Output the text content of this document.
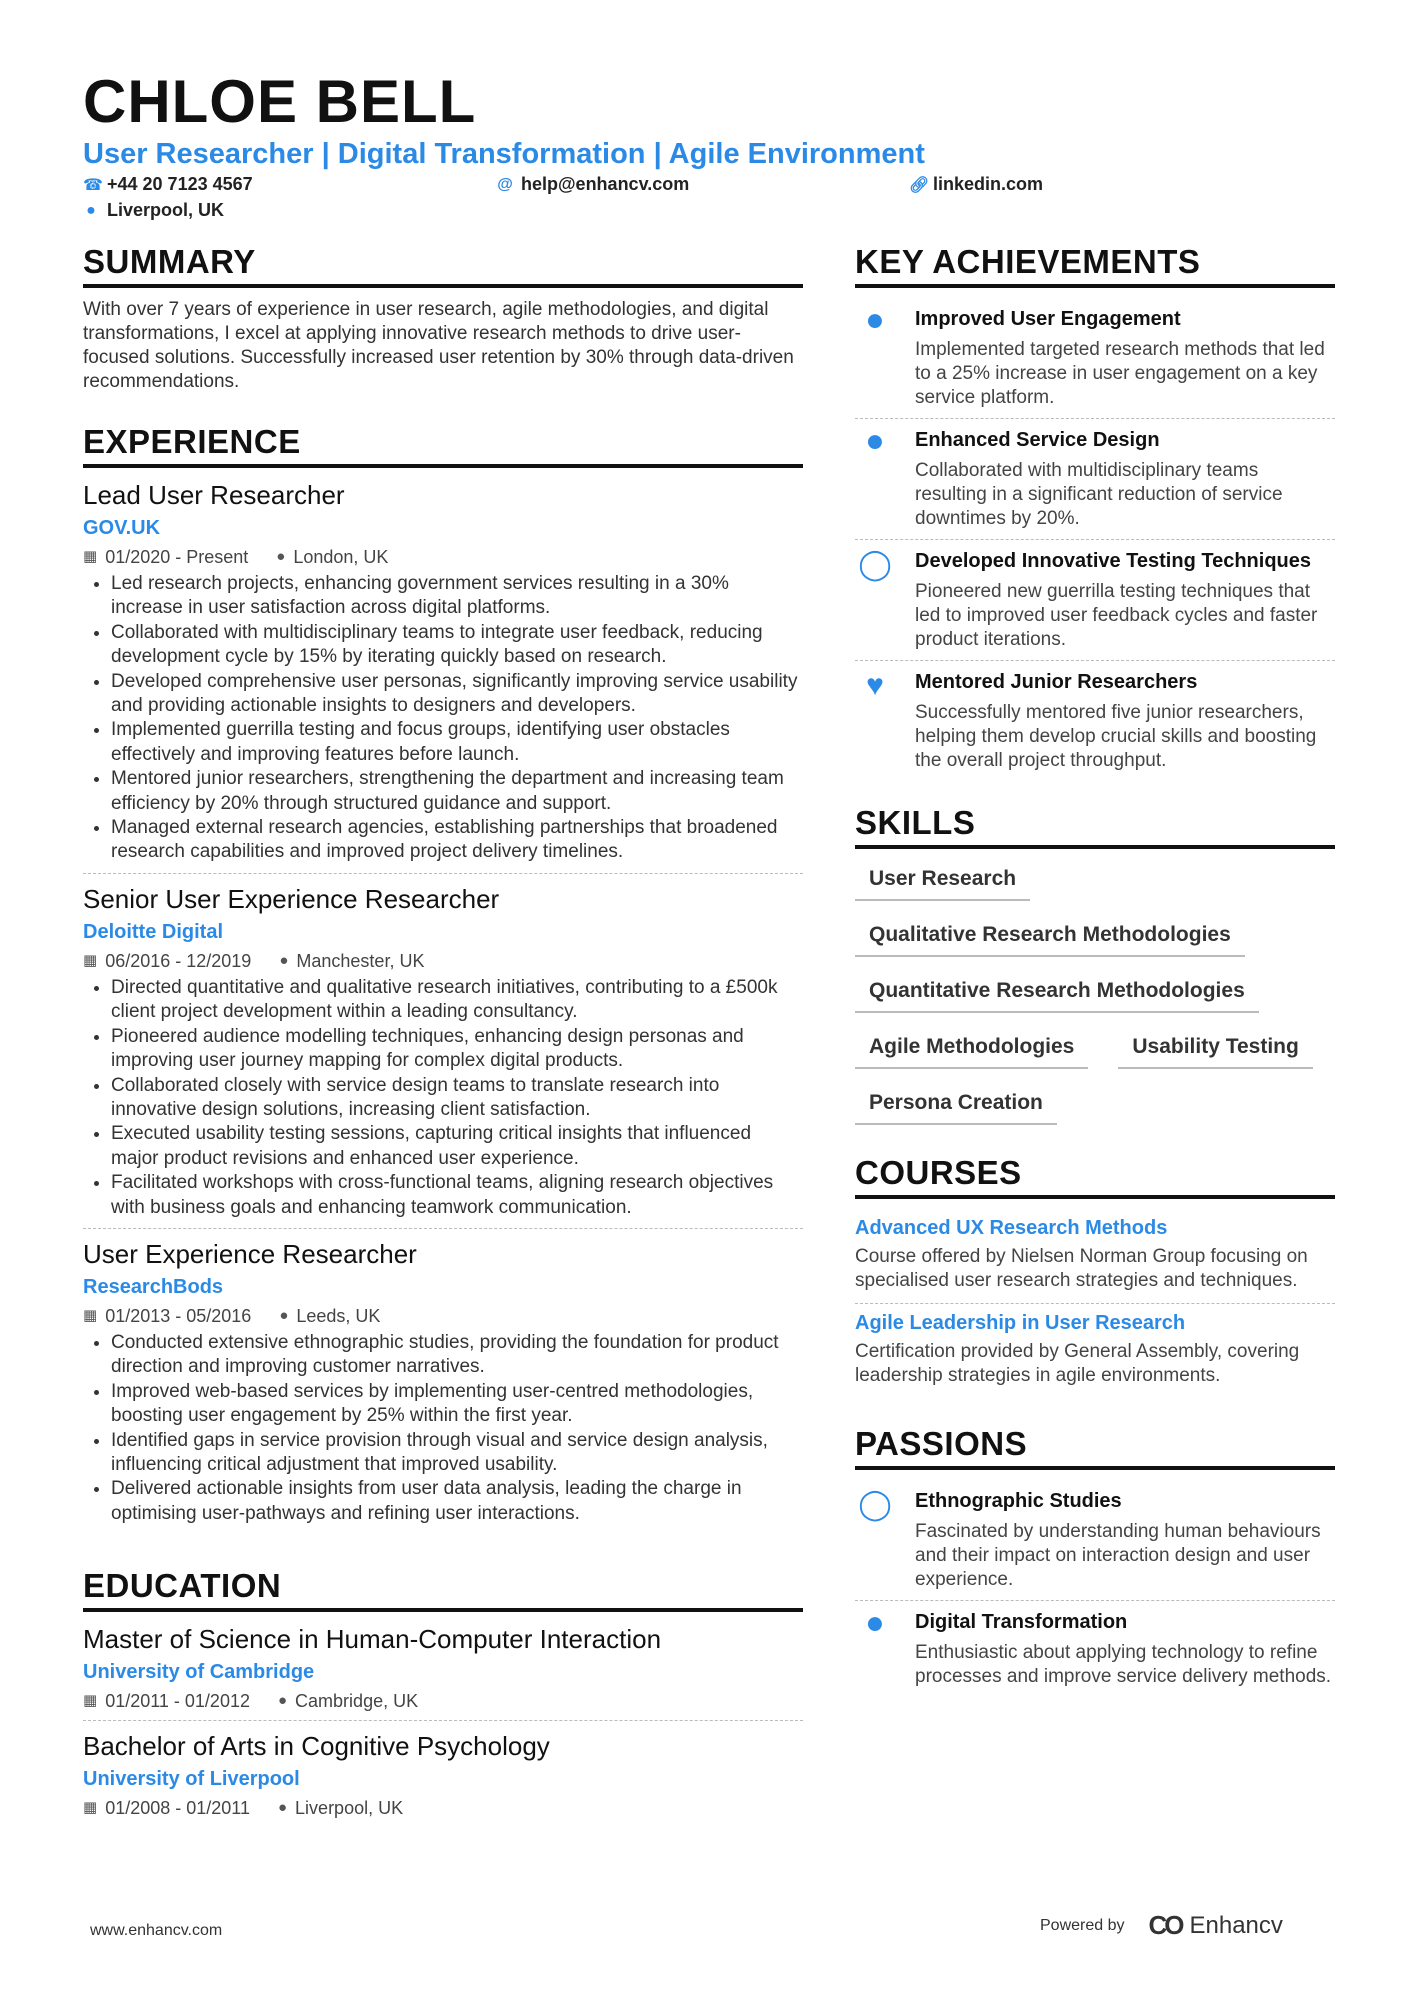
CHLOE BELL
User Researcher | Digital Transformation | Agile Environment
☎ +44 20 7123 4567	@ help@enhancv.com	🔗︎ linkedin.com
● Liverpool, UK
SUMMARY

With over 7 years of experience in user research, agile methodologies, and digital transformations, I excel at applying innovative research methods to drive user-focused solutions. Successfully increased user retention by 30% through data-driven recommendations.

EXPERIENCE
Lead User Researcher
GOV.UK
▦ 01/2020 - Present ● London, UK
• Led research projects, enhancing government services resulting in a 30% increase in user satisfaction across digital platforms.
• Collaborated with multidisciplinary teams to integrate user feedback, reducing development cycle by 15% by iterating quickly based on research.
• Developed comprehensive user personas, significantly improving service usability and providing actionable insights to designers and developers.
• Implemented guerrilla testing and focus groups, identifying user obstacles effectively and improving features before launch.
• Mentored junior researchers, strengthening the department and increasing team efficiency by 20% through structured guidance and support.
• Managed external research agencies, establishing partnerships that broadened research capabilities and improved project delivery timelines.
Senior User Experience Researcher
Deloitte Digital
▦ 06/2016 - 12/2019 ● Manchester, UK
• Directed quantitative and qualitative research initiatives, contributing to a £500k client project development within a leading consultancy.
• Pioneered audience modelling techniques, enhancing design personas and improving user journey mapping for complex digital products.
• Collaborated closely with service design teams to translate research into innovative design solutions, increasing client satisfaction.
• Executed usability testing sessions, capturing critical insights that influenced major product revisions and enhanced user experience.
• Facilitated workshops with cross-functional teams, aligning research objectives with business goals and enhancing teamwork communication.
User Experience Researcher
ResearchBods
▦ 01/2013 - 05/2016 ● Leeds, UK
• Conducted extensive ethnographic studies, providing the foundation for product direction and improving customer narratives.
• Improved web-based services by implementing user-centred methodologies, boosting user engagement by 25% within the first year.
• Identified gaps in service provision through visual and service design analysis, influencing critical adjustment that improved usability.
• Delivered actionable insights from user data analysis, leading the charge in optimising user-pathways and refining user interactions.
EDUCATION
Master of Science in Human-Computer Interaction
University of Cambridge
▦ 01/2011 - 01/2012 ● Cambridge, UK
Bachelor of Arts in Cognitive Psychology
University of Liverpool
▦ 01/2008 - 01/2011 ● Liverpool, UK
KEY ACHIEVEMENTS
⚫	Improved User Engagement
Implemented targeted research methods that led to a 25% increase in user engagement on a key service platform.
⚫	Enhanced Service Design
Collaborated with multidisciplinary teams resulting in a significant reduction of service downtimes by 20%.
◯ Developed Innovative Testing Techniques
Pioneered new guerrilla testing techniques that led to improved user feedback cycles and faster product iterations.
♥	Mentored Junior Researchers
Successfully mentored five junior researchers, helping them develop crucial skills and boosting the overall project throughput.
SKILLS
User Research
Qualitative Research Methodologies
Quantitative Research Methodologies
Agile Methodologies	Usability Testing
Persona Creation
COURSES
Advanced UX Research Methods
Course offered by Nielsen Norman Group focusing on specialised user research strategies and techniques.
Agile Leadership in User Research
Certification provided by General Assembly, covering leadership strategies in agile environments.
PASSIONS
◯ Ethnographic Studies
Fascinated by understanding human behaviours and their impact on interaction design and user experience.
⚫	Digital Transformation
Enthusiastic about applying technology to refine processes and improve service delivery methods.
www.enhancv.com	Powered by CO Enhancv
